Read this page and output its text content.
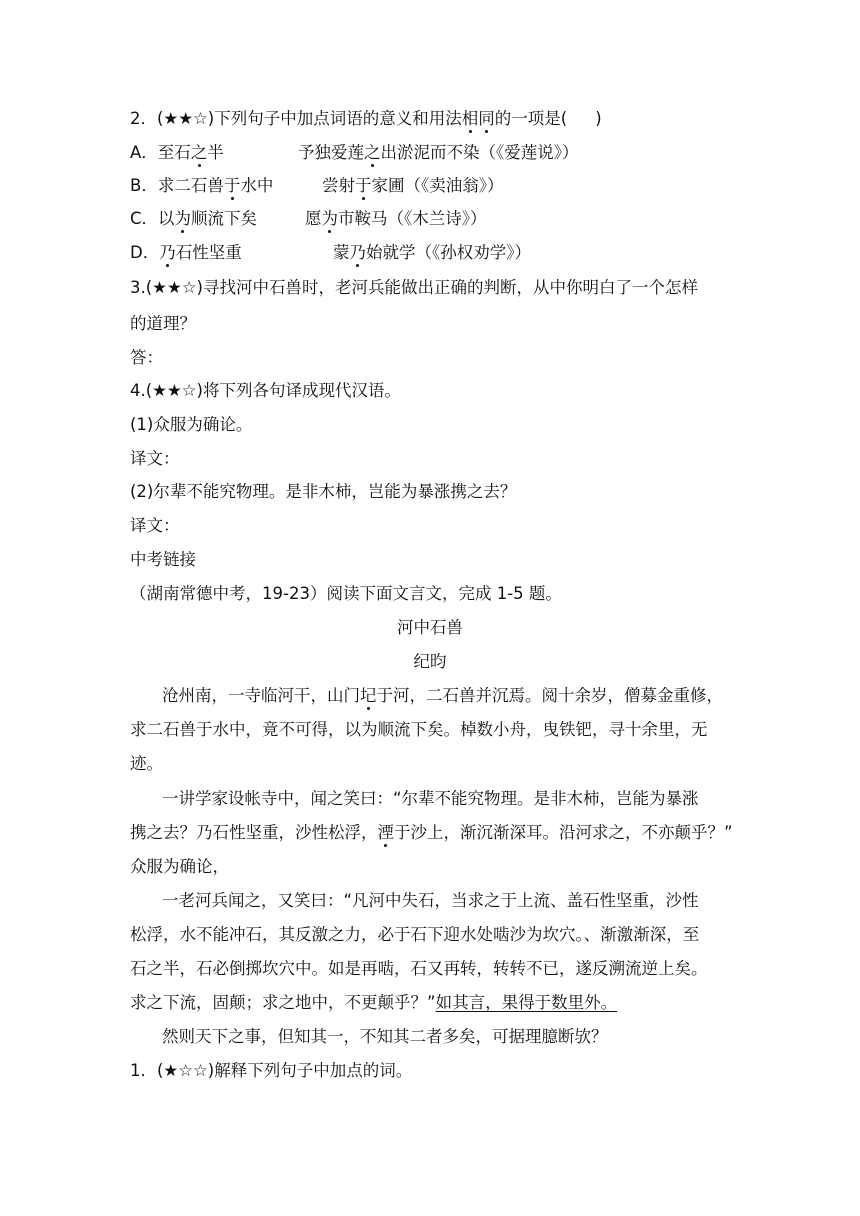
2．(★★☆)下列句子中加点词语的意义和用法相同的一项是( )
A．至石之半	予独爱莲之出淤泥而不染（《爱莲说》）
B．求二石兽于水中	尝射于家圃（《卖油翁》）
C．以为顺流下矣	愿为市鞍马（《木兰诗》）
D．乃石性坚重	蒙乃始就学（《孙权劝学》）
3.(★★☆)寻找河中石兽时，老河兵能做出正确的判断，从中你明白了一个怎样
的道理？
答：
4.(★★☆)将下列各句译成现代汉语。
(1)众服为确论。
译文：
(2)尔辈不能究物理。是非木柿，岂能为暴涨携之去？
译文：
中考链接
（湖南常德中考，19-23）阅读下面文言文，完成 1-5 题。
河中石兽
纪昀
沧州南，一寺临河干，山门圮于河，二石兽并沉焉。阅十余岁，僧募金重修，
求二石兽于水中，竟不可得，以为顺流下矣。棹数小舟，曳铁钯，寻十余里，无
迹。
一讲学家设帐寺中，闻之笑曰：“尔辈不能究物理。是非木柿，岂能为暴涨
携之去？乃石性坚重，沙性松浮，湮于沙上，渐沉渐深耳。沿河求之，不亦颠乎？”
众服为确论，
一老河兵闻之，又笑曰：“凡河中失石，当求之于上流、盖石性坚重，沙性
松浮，水不能冲石，其反激之力，必于石下迎水处啮沙为坎穴。、渐激渐深，至
石之半，石必倒掷坎穴中。如是再啮，石又再转，转转不已，遂反溯流逆上矣。
求之下流，固颠；求之地中，不更颠乎？”如其言，果得于数里外。
然则天下之事，但知其一，不知其二者多矣，可据理臆断欤？
1．(★☆☆)解释下列句子中加点的词。
